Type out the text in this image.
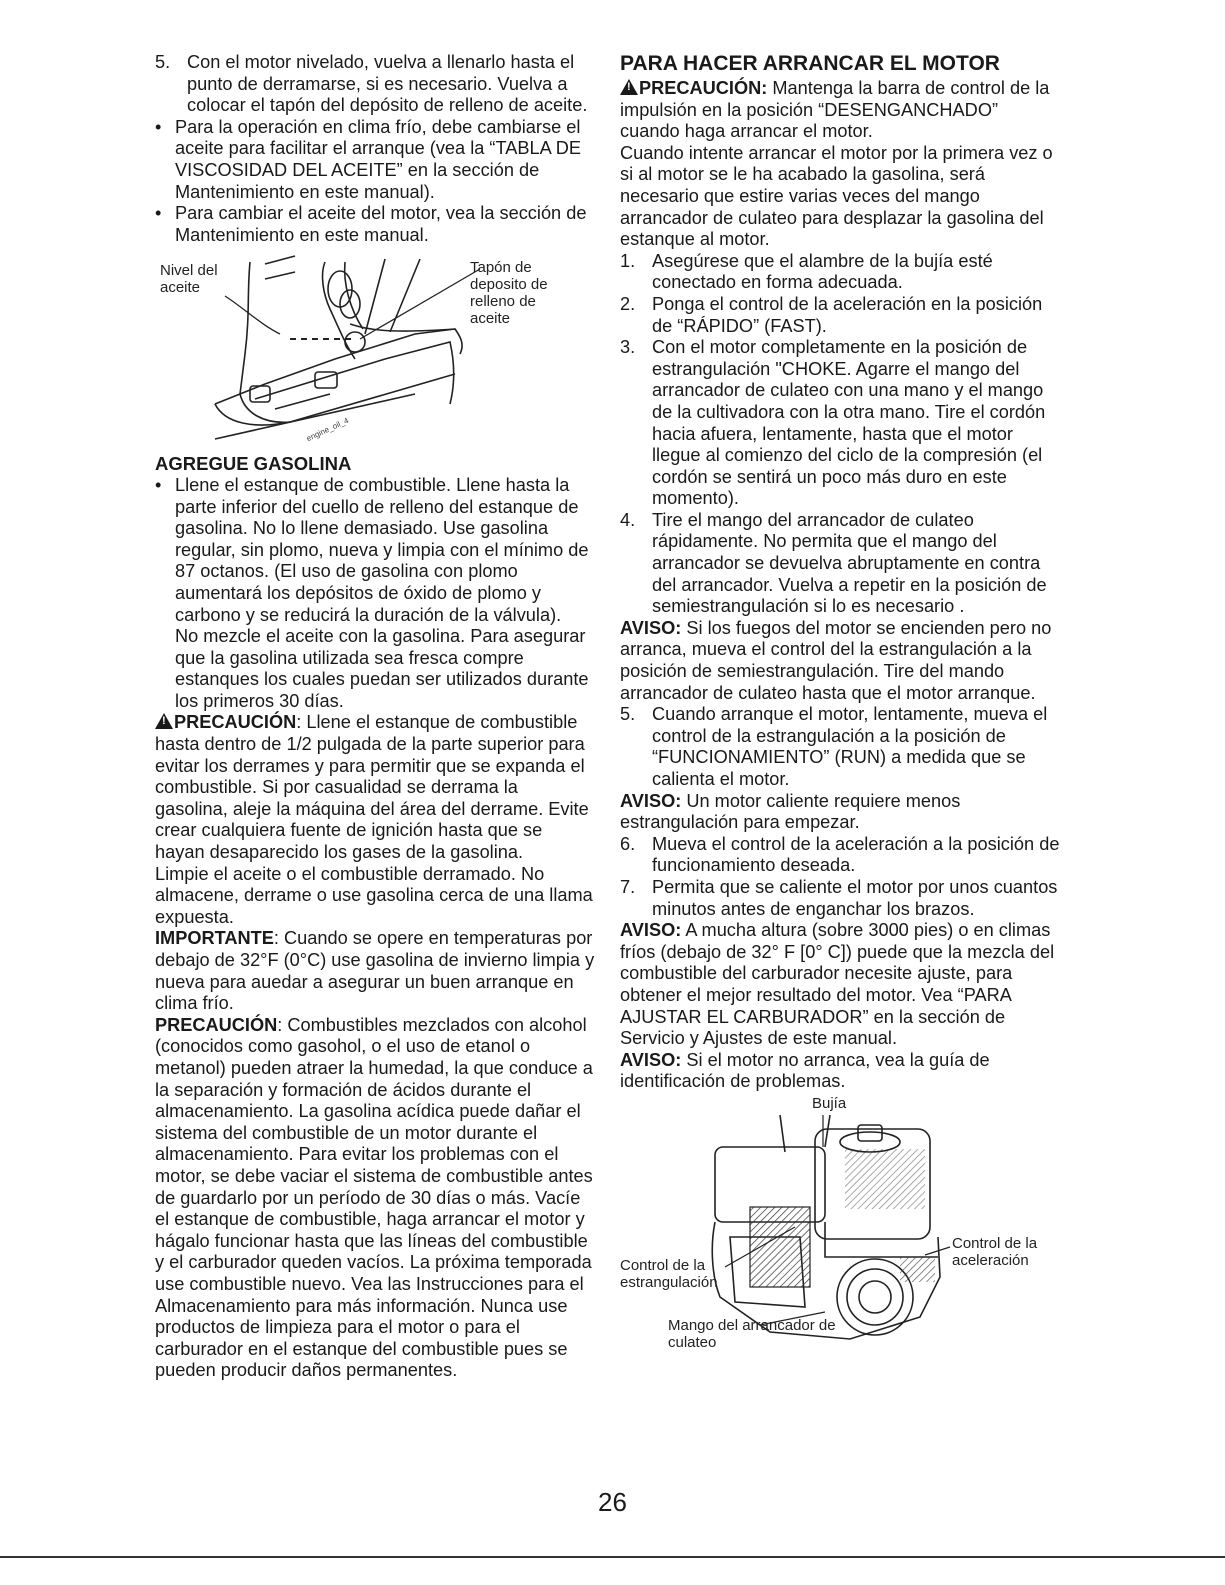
5. Con el motor nivelado, vuelva a llenarlo hasta el punto de derramarse, si es necesario. Vuelva a colocar el tapón del depósito de relleno de aceite.

• Para la operación en clima frío, debe cambiarse el aceite para facilitar el arranque (vea la “TABLA DE VISCOSIDAD DEL ACEITE” en la sección de Mantenimiento en este manual).

• Para cambiar el aceite del motor, vea la sección de Mantenimiento en este manual.

Nivel del aceite
Tapón de deposito de relleno de aceite
engine_oil_4

AGREGUE GASOLINA

• Llene el estanque de combustible. Llene hasta la parte inferior del cuello de relleno del estanque de gasolina. No lo llene demasiado. Use gasolina regular, sin plomo, nueva y limpia con el mínimo de 87 octanos. (El uso de gasolina con plomo aumentará los depósitos de óxido de plomo y carbono y se reducirá la duración de la válvula).

No mezcle el aceite con la gasolina. Para asegurar que la gasolina utilizada sea fresca compre estanques los cuales puedan ser utilizados durante los primeros 30 días.

!PRECAUCIÓN: Llene el estanque de combustible hasta dentro de 1/2 pulgada de la parte superior para evitar los derrames y para permitir que se expanda el combustible. Si por casualidad se derrama la gasolina, aleje la máquina del área del derrame. Evite crear cualquiera fuente de ignición hasta que se hayan desaparecido los gases de la gasolina.

Limpie el aceite o el combustible derramado. No almacene, derrame o use gasolina cerca de una llama expuesta.

IMPORTANTE: Cuando se opere en temperaturas por debajo de 32°F (0°C) use gasolina de invierno limpia y nueva para auedar a asegurar un buen arranque en clima frío.

PRECAUCIÓN: Combustibles mezclados con alcohol (conocidos como gasohol, o el uso de etanol o metanol) pueden atraer la humedad, la que conduce a la separación y formación de ácidos durante el almacenamiento. La gasolina acídica puede dañar el sistema del combustible de un motor durante el almacenamiento. Para evitar los problemas con el motor, se debe vaciar el sistema de combustible antes de guardarlo por un período de 30 días o más. Vacíe el estanque de combustible, haga arrancar el motor y hágalo funcionar hasta que las líneas del combustible y el carburador queden vacíos. La próxima temporada use combustible nuevo. Vea las Instrucciones para el Almacenamiento para más información. Nunca use productos de limpieza para el motor o para el carburador en el estanque del combustible pues se pueden producir daños permanentes.

PARA HACER ARRANCAR EL MOTOR

!PRECAUCIÓN: Mantenga la barra de control de la impulsión en la posición “DESENGANCHADO” cuando haga arrancar el motor.

Cuando intente arrancar el motor por la primera vez o si al motor se le ha acabado la gasolina, será necesario que estire varias veces del mango arrancador de culateo para desplazar la gasolina del estanque al motor.

1. Asegúrese que el alambre de la bujía esté conectado en forma adecuada.

2. Ponga el control de la aceleración en la posición de “RÁPIDO” (FAST).

3. Con el motor completamente en la posición de estrangulación "CHOKE. Agarre el mango del arrancador de culateo con una mano y el mango de la cultivadora con la otra mano. Tire el cordón hacia afuera, lentamente, hasta que el motor llegue al comienzo del ciclo de la compresión (el cordón se sentirá un poco más duro en este momento).

4. Tire el mango del arrancador de culateo rápidamente. No permita que el mango del arrancador se devuelva abruptamente en contra del arrancador. Vuelva a repetir en la posición de semiestrangulación si lo es necesario .

AVISO: Si los fuegos del motor se encienden pero no arranca, mueva el control del la estrangulación a la posición de semiestrangulación. Tire del mando arrancador de culateo hasta que el motor arranque.

5. Cuando arranque el motor, lentamente, mueva el control de la estrangulación a la posición de “FUNCIONAMIENTO” (RUN) a medida que se calienta el motor.

AVISO: Un motor caliente requiere menos estrangulación para empezar.

6. Mueva el control de la aceleración a la posición de funcionamiento deseada.

7. Permita que se caliente el motor por unos cuantos minutos antes de enganchar los brazos.

AVISO: A mucha altura (sobre 3000 pies) o en climas fríos (debajo de 32° F [0° C]) puede que la mezcla del combustible del carburador necesite ajuste, para obtener el mejor resultado del motor. Vea “PARA AJUSTAR EL CARBURADOR” en la sección de Servicio y Ajustes de este manual.

AVISO: Si el motor no arranca, vea la guía de identificación de problemas.

Bujía
Control de la estrangulación
Control de la aceleración
Mango del arrancador de culateo
26
